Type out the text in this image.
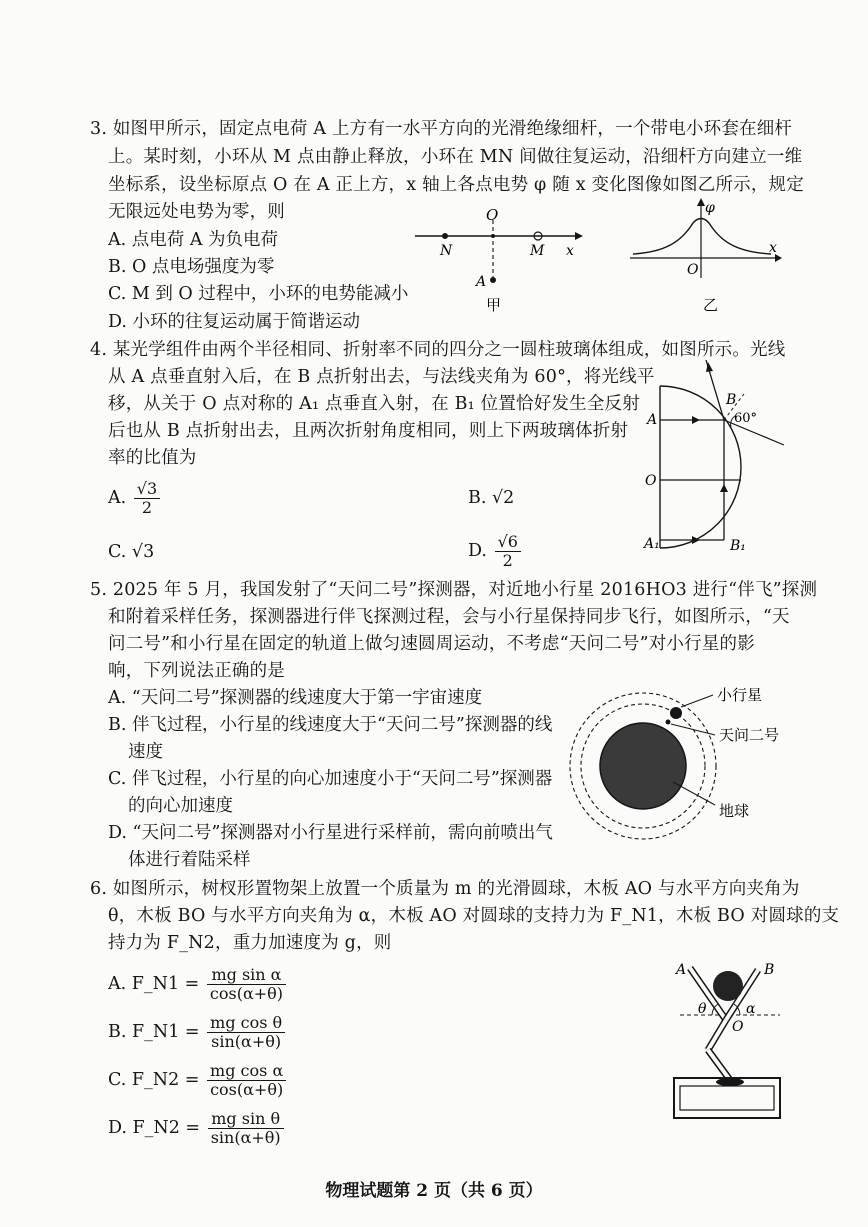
3. 如图甲所示，固定点电荷 A 上方有一水平方向的光滑绝缘细杆，一个带电小环套在细杆
上。某时刻，小环从 M 点由静止释放，小环在 MN 间做往复运动，沿细杆方向建立一维
坐标系，设坐标原点 O 在 A 正上方，x 轴上各点电势 φ 随 x 变化图像如图乙所示，规定
无限远处电势为零，则
A. 点电荷 A 为负电荷
B. O 点电场强度为零
C. M 到 O 过程中，小环的电势能减小
D. 小环的往复运动属于简谐运动
O
N	M x
A
甲
φ
x
O
乙
4. 某光学组件由两个半径相同、折射率不同的四分之一圆柱玻璃体组成，如图所示。光线
从 A 点垂直射入后，在 B 点折射出去，与法线夹角为 60°，将光线平
移，从关于 O 点对称的 A₁ 点垂直入射，在 B₁ 位置恰好发生全反射
后也从 B 点折射出去，且两次折射角度相同，则上下两玻璃体折射
率的比值为
A. $\frac{√3}{2}$	B. √2
C. √3	D. $\frac{√6}{2}$
A
B
60°
O
A₁	B₁
5. 2025 年 5 月，我国发射了“天问二号”探测器，对近地小行星 2016HO3 进行“伴飞”探测
和附着采样任务，探测器进行伴飞探测过程，会与小行星保持同步飞行，如图所示，“天
问二号”和小行星在固定的轨道上做匀速圆周运动，不考虑“天问二号”对小行星的影
响，下列说法正确的是
A. “天问二号”探测器的线速度大于第一宇宙速度
B. 伴飞过程，小行星的线速度大于“天问二号”探测器的线
速度
C. 伴飞过程，小行星的向心加速度小于“天问二号”探测器
的向心加速度
D. “天问二号”探测器对小行星进行采样前，需向前喷出气
体进行着陆采样
小行星
天问二号
地球
6. 如图所示，树杈形置物架上放置一个质量为 m 的光滑圆球，木板 AO 与水平方向夹角为
θ，木板 BO 与水平方向夹角为 α，木板 AO 对圆球的支持力为 F_N1，木板 BO 对圆球的支
持力为 F_N2，重力加速度为 g，则
A. F_N1 = $\frac{\text{mg sin α}}{\cos(\alpha+\theta)}$
B. F_N1 = $\frac{\text{mg cos θ}}{\sin(\alpha+\theta)}$
C. F_N2 = $\frac{\text{mg cos α}}{\cos(\alpha+\theta)}$
D. F_N2 = $\frac{\text{mg sin θ}}{\sin(\alpha+\theta)}$
A	B
O
θ	α
物理试题第 2 页（共 6 页）
